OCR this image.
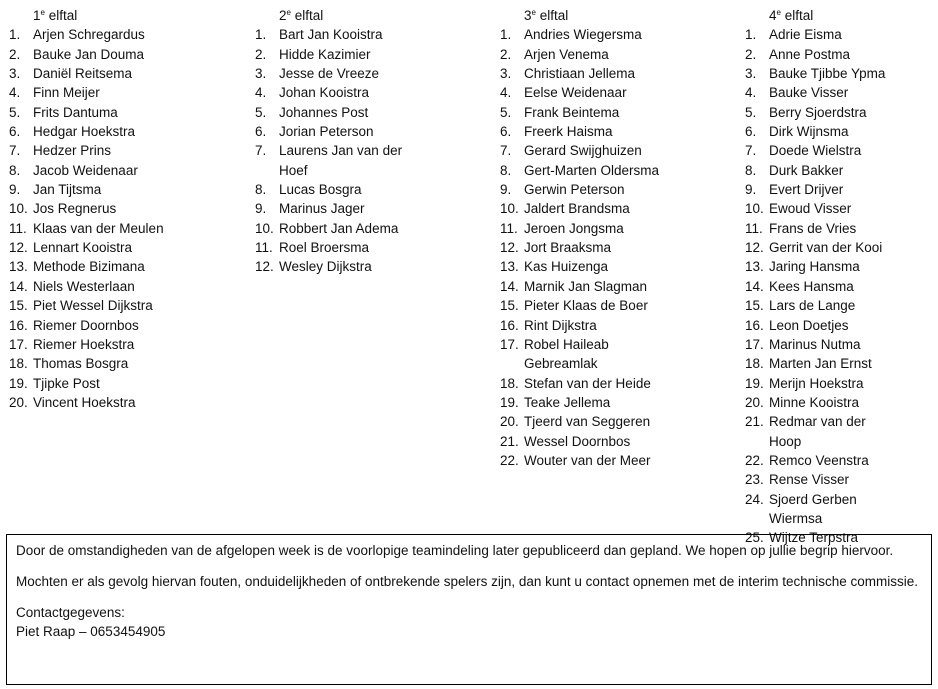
1e elftal
1. Arjen Schregardus
2. Bauke Jan Douma
3. Daniël Reitsema
4. Finn Meijer
5. Frits Dantuma
6. Hedgar Hoekstra
7. Hedzer Prins
8. Jacob Weidenaar
9. Jan Tijtsma
10. Jos Regnerus
11. Klaas van der Meulen
12. Lennart Kooistra
13. Methode Bizimana
14. Niels Westerlaan
15. Piet Wessel Dijkstra
16. Riemer Doornbos
17. Riemer Hoekstra
18. Thomas Bosgra
19. Tjipke Post
20. Vincent Hoekstra
2e elftal
1. Bart Jan Kooistra
2. Hidde Kazimier
3. Jesse de Vreeze
4. Johan Kooistra
5. Johannes Post
6. Jorian Peterson
7. Laurens Jan van der Hoef
8. Lucas Bosgra
9. Marinus Jager
10. Robbert Jan Adema
11. Roel Broersma
12. Wesley Dijkstra
3e elftal
1. Andries Wiegersma
2. Arjen Venema
3. Christiaan Jellema
4. Eelse Weidenaar
5. Frank Beintema
6. Freerk Haisma
7. Gerard Swijghuizen
8. Gert-Marten Oldersma
9. Gerwin Peterson
10. Jaldert Brandsma
11. Jeroen Jongsma
12. Jort Braaksma
13. Kas Huizenga
14. Marnik Jan Slagman
15. Pieter Klaas de Boer
16. Rint Dijkstra
17. Robel Haileab Gebreamlak
18. Stefan van der Heide
19. Teake Jellema
20. Tjeerd van Seggeren
21. Wessel Doornbos
22. Wouter van der Meer
4e elftal
1. Adrie Eisma
2. Anne Postma
3. Bauke Tjibbe Ypma
4. Bauke Visser
5. Berry Sjoerdstra
6. Dirk Wijnsma
7. Doede Wielstra
8. Durk Bakker
9. Evert Drijver
10. Ewoud Visser
11. Frans de Vries
12. Gerrit van der Kooi
13. Jaring Hansma
14. Kees Hansma
15. Lars de Lange
16. Leon Doetjes
17. Marinus Nutma
18. Marten Jan Ernst
19. Merijn Hoekstra
20. Minne Kooistra
21. Redmar van der Hoop
22. Remco Veenstra
23. Rense Visser
24. Sjoerd Gerben Wiermsa
25. Wijtze Terpstra

Door de omstandigheden van de afgelopen week is de voorlopige teamindeling later gepubliceerd dan gepland. We hopen op jullie begrip hiervoor.

Mochten er als gevolg hiervan fouten, onduidelijkheden of ontbrekende spelers zijn, dan kunt u contact opnemen met de interim technische commissie.

Contactgegevens:
Piet Raap – 0653454905
